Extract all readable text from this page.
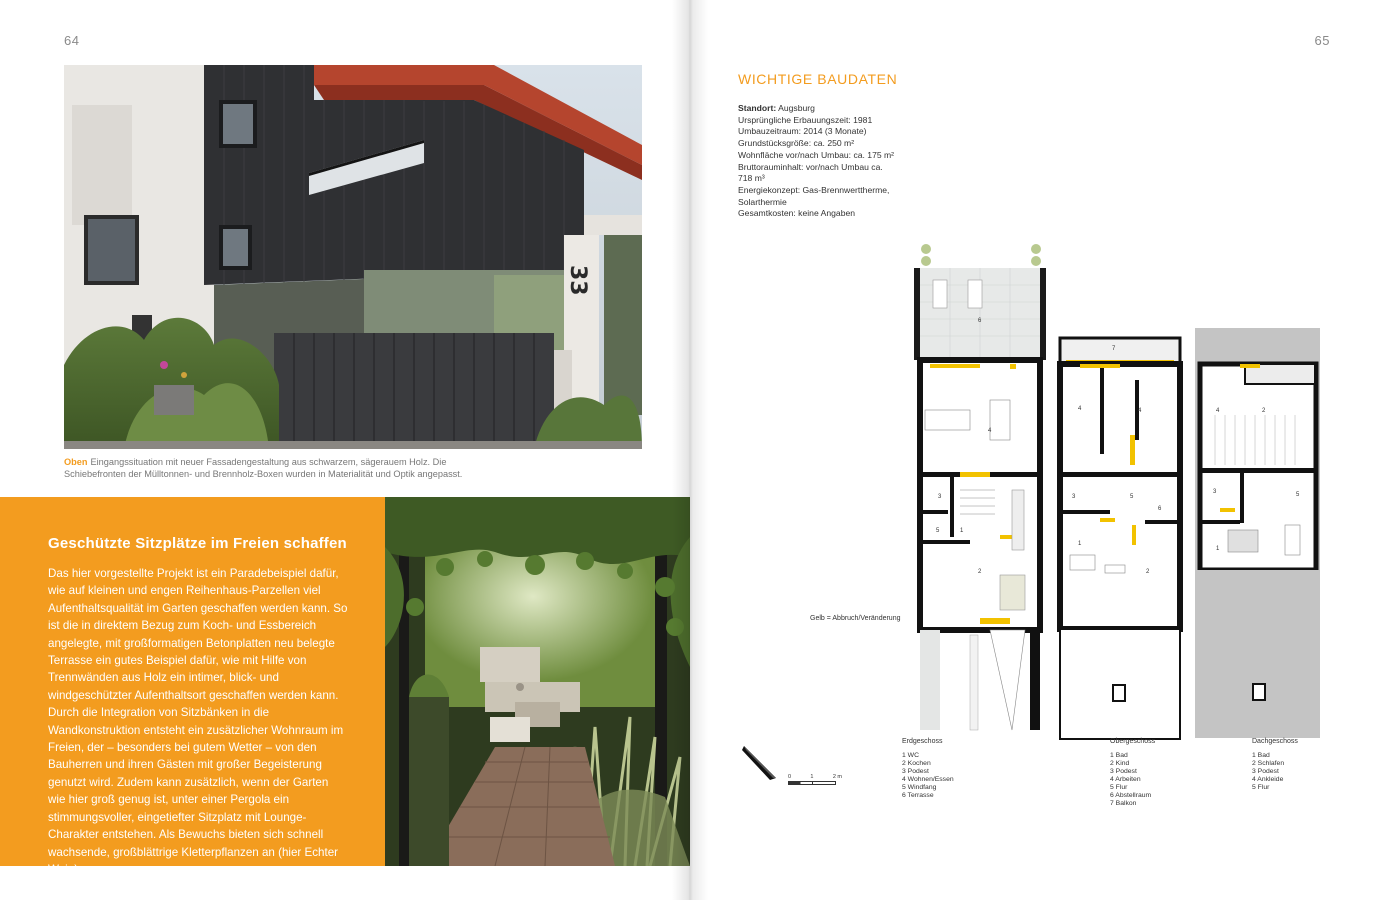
64
33
Oben Eingangssituation mit neuer Fassadengestaltung aus schwarzem, sägerauem Holz. Die Schiebefronten der Mülltonnen- und Brennholz-Boxen wurden in Materialität und Optik angepasst.
Geschützte Sitzplätze im Freien schaffen
Das hier vorgestellte Projekt ist ein Paradebeispiel dafür, wie auf kleinen und engen Reihenhaus-Parzellen viel Aufenthaltsqualität im Garten geschaffen werden kann. So ist die in direktem Bezug zum Koch- und Essbereich angelegte, mit großformatigen Betonplatten neu belegte Terrasse ein gutes Beispiel dafür, wie mit Hilfe von Trennwänden aus Holz ein intimer, blick- und windgeschützter Aufenthaltsort geschaffen werden kann. Durch die Integration von Sitzbänken in die Wandkonstruktion entsteht ein zusätzlicher Wohnraum im Freien, der – besonders bei gutem Wetter – von den Bauherren und ihren Gästen mit großer Begeisterung genutzt wird. Zudem kann zusätzlich, wenn der Garten wie hier groß genug ist, unter einer Pergola ein stimmungsvoller, eingetiefter Sitzplatz mit Lounge-Charakter entstehen. Als Bewuchs bieten sich schnell wachsende, großblättrige Kletterpflanzen an (hier Echter Wein).
65
WICHTIGE BAUDATEN
Standort: Augsburg
Ursprüngliche Erbauungszeit: 1981
Umbauzeitraum: 2014 (3 Monate)
Grundstücksgröße: ca. 250 m²
Wohnfläche vor/nach Umbau: ca. 175 m²
Bruttorauminhalt: vor/nach Umbau ca. 718 m³
Energiekonzept: Gas-Brennwerttherme, Solarthermie
Gesamtkosten: keine Angaben
Gelb = Abbruch/Veränderung
6
4
3
5	1
2
7
4	4
3	5
6
1
2
4	2
3	5
1
Erdgeschoss
1 WC
2 Kochen
3 Podest
4 Wohnen/Essen
5 Windfang
6 Terrasse
Obergeschoss
1 Bad
2 Kind
3 Podest
4 Arbeiten
5 Flur
6 Abstellraum
7 Balkon
Dachgeschoss
1 Bad
2 Schlafen
3 Podest
4 Ankleide
5 Flur
0	1	2 m
